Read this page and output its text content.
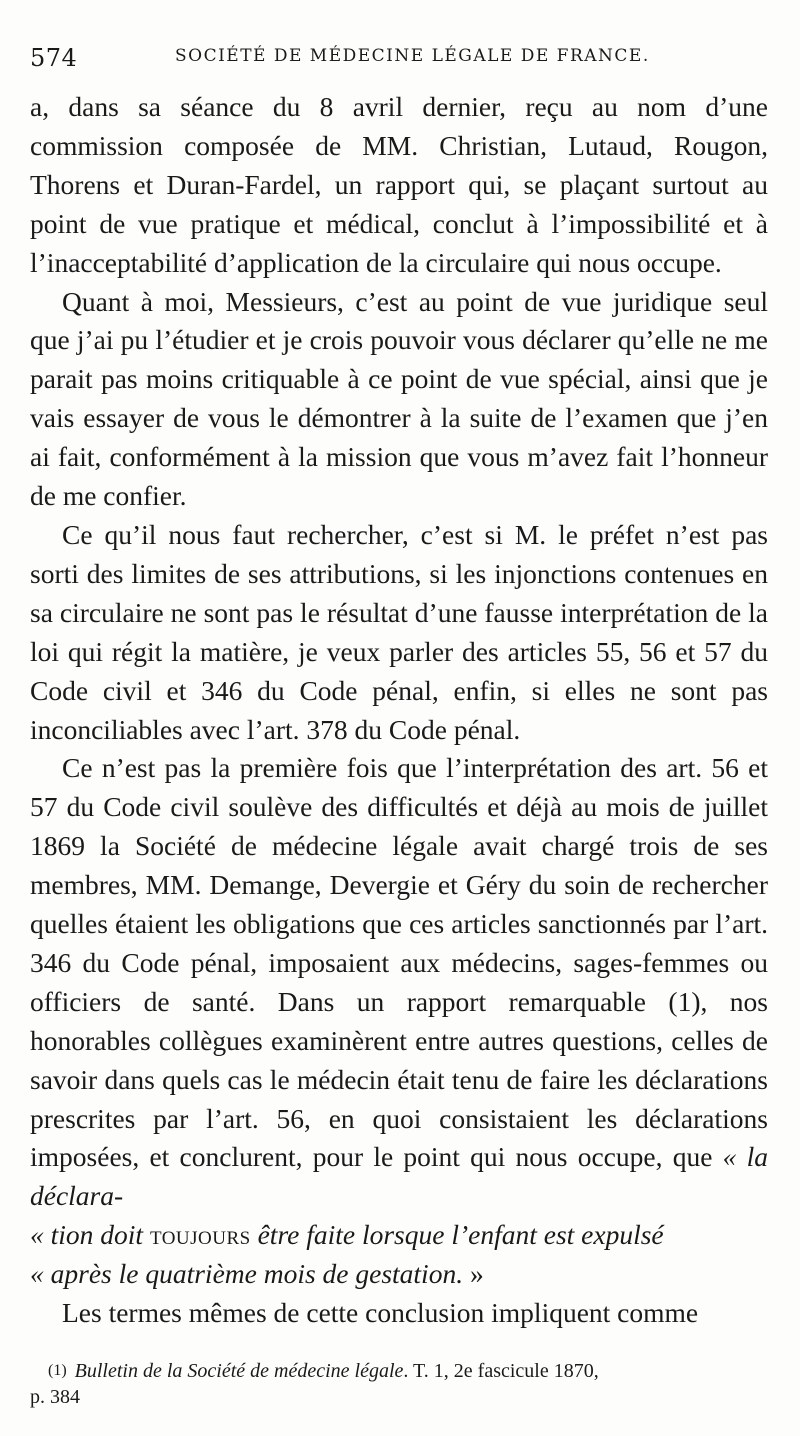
574	SOCIÉTÉ DE MÉDECINE LÉGALE DE FRANCE.

a, dans sa séance du 8 avril dernier, reçu au nom d’une commission composée de MM. Christian, Lutaud, Rougon, Thorens et Duran-Fardel, un rapport qui, se plaçant surtout au point de vue pratique et médical, conclut à l’impossibilité et à l’inacceptabilité d’application de la circulaire qui nous occupe.

Quant à moi, Messieurs, c’est au point de vue juridique seul que j’ai pu l’étudier et je crois pouvoir vous déclarer qu’elle ne me parait pas moins critiquable à ce point de vue spécial, ainsi que je vais essayer de vous le démontrer à la suite de l’examen que j’en ai fait, conformément à la mission que vous m’avez fait l’honneur de me confier.

Ce qu’il nous faut rechercher, c’est si M. le préfet n’est pas sorti des limites de ses attributions, si les injonctions contenues en sa circulaire ne sont pas le résultat d’une fausse interprétation de la loi qui régit la matière, je veux parler des articles 55, 56 et 57 du Code civil et 346 du Code pénal, enfin, si elles ne sont pas inconciliables avec l’art. 378 du Code pénal.

Ce n’est pas la première fois que l’interprétation des art. 56 et 57 du Code civil soulève des difficultés et déjà au mois de juillet 1869 la Société de médecine légale avait chargé trois de ses membres, MM. Demange, Devergie et Géry du soin de rechercher quelles étaient les obligations que ces articles sanctionnés par l’art. 346 du Code pénal, imposaient aux médecins, sages-femmes ou officiers de santé. Dans un rapport remarquable (1), nos honorables collègues examinèrent entre autres questions, celles de savoir dans quels cas le médecin était tenu de faire les déclarations prescrites par l’art. 56, en quoi consistaient les déclarations imposées, et conclurent, pour le point qui nous occupe, que « la déclara-
« tion doit toujours être faite lorsque l’enfant est expulsé
« après le quatrième mois de gestation. »

Les termes mêmes de cette conclusion impliquent comme

$^{(1)}$ Bulletin de la Société de médecine légale. T. 1, 2e fascicule 1870,
p. 384
